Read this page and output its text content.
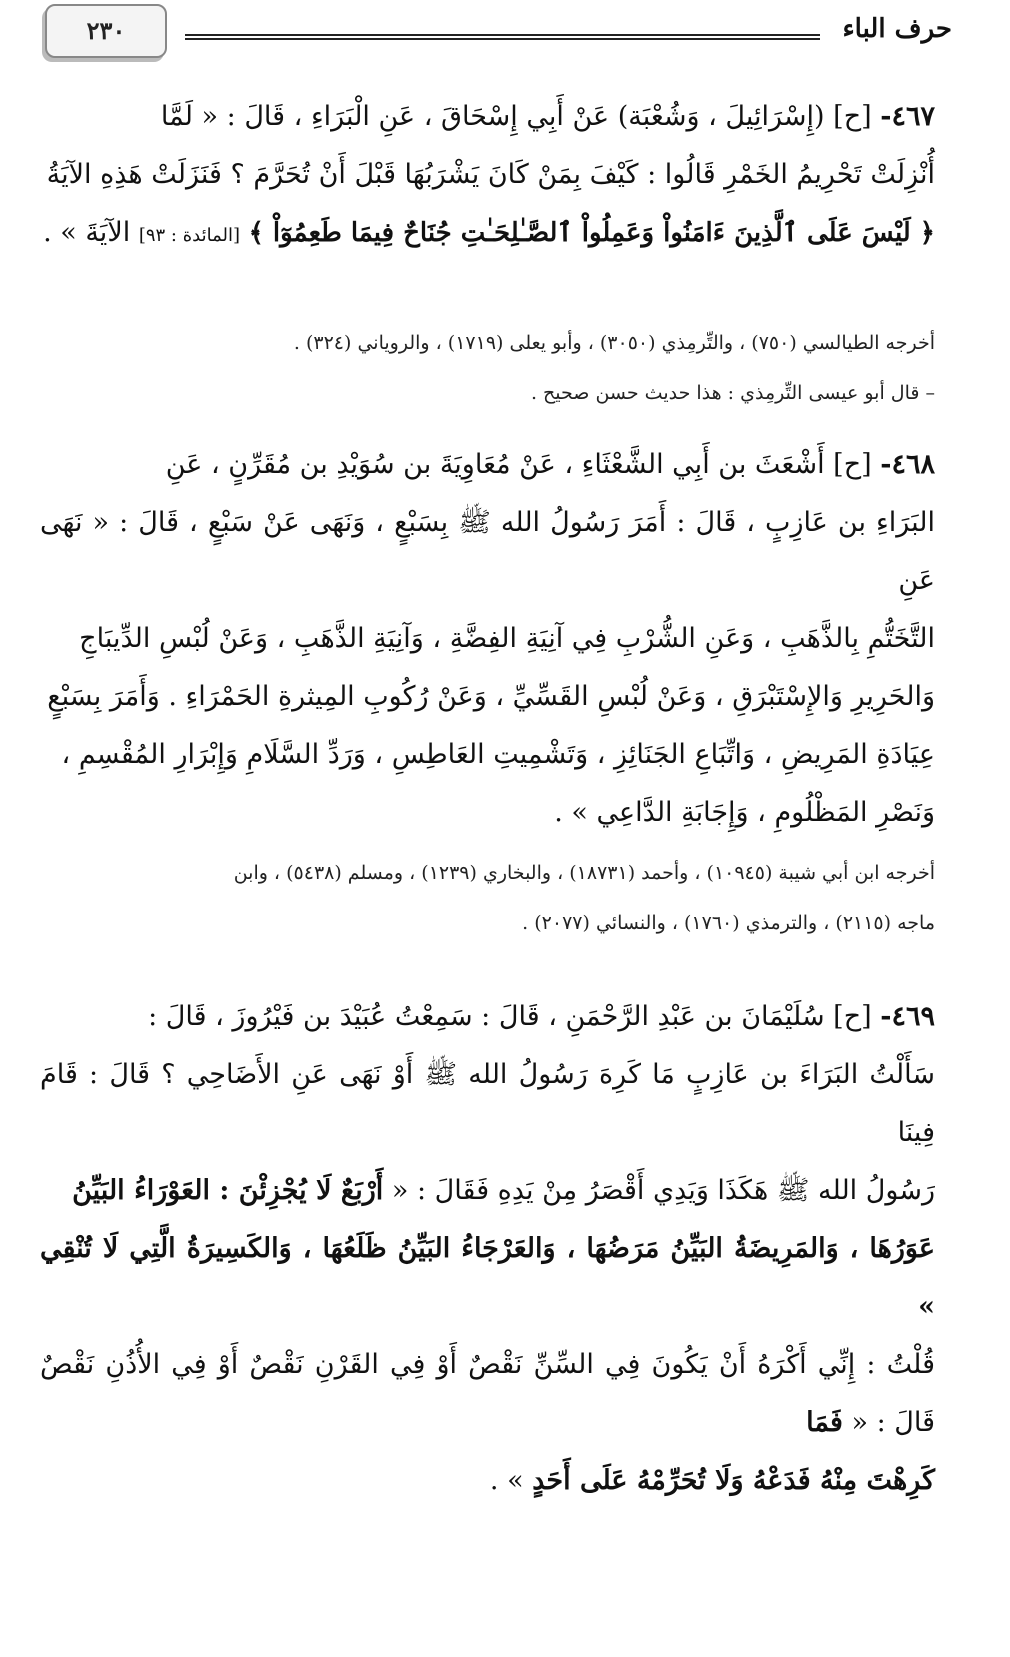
حرف الباء
٢٣٠
٤٦٧- [ح] (إِسْرَائِيلَ ، وَشُعْبَة) عَنْ أَبِي إِسْحَاقَ ، عَنِ الْبَرَاءِ ، قَالَ : « لَمَّا
أُنْزِلَتْ تَحْرِيمُ الخَمْرِ قَالُوا : كَيْفَ بِمَنْ كَانَ يَشْرَبُهَا قَبْلَ أَنْ تُحَرَّمَ ؟ فَنَزَلَتْ هَذِهِ الآيَةُ
﴿ لَيْسَ عَلَى ٱلَّذِينَ ءَامَنُواْ وَعَمِلُواْ ٱلصَّـٰلِحَـٰتِ جُنَاحٌ فِيمَا طَعِمُوٓاْ ﴾ [المائدة : ٩٣] الآيَةَ » .
أخرجه الطيالسي (٧٥٠) ، والتِّرمِذي (٣٠٥٠) ، وأبو يعلى (١٧١٩) ، والروياني (٣٢٤) .
– قال أبو عيسى التِّرمِذي : هذا حديث حسن صحيح .
٤٦٨- [ح] أَشْعَثَ بن أَبِي الشَّعْثَاءِ ، عَنْ مُعَاوِيَةَ بن سُوَيْدِ بن مُقَرِّنٍ ، عَنِ
البَرَاءِ بن عَازِبٍ ، قَالَ : أَمَرَ رَسُولُ الله ﷺ بِسَبْعٍ ، وَنَهَى عَنْ سَبْعٍ ، قَالَ : « نَهَى عَنِ
التَّخَتُّمِ بِالذَّهَبِ ، وَعَنِ الشُّرْبِ فِي آنِيَةِ الفِضَّةِ ، وَآنِيَةِ الذَّهَبِ ، وَعَنْ لُبْسِ الدِّيبَاجِ
وَالحَرِيرِ وَالإِسْتَبْرَقِ ، وَعَنْ لُبْسِ القَسِّيِّ ، وَعَنْ رُكُوبِ المِيثرةِ الحَمْرَاءِ . وَأَمَرَ بِسَبْعٍ
عِيَادَةِ المَرِيضِ ، وَاتِّبَاعِ الجَنَائِزِ ، وَتَشْمِيتِ العَاطِسِ ، وَرَدِّ السَّلَامِ وَإِبْرَارِ المُقْسِمِ ،
وَنَصْرِ المَظْلُومِ ، وَإِجَابَةِ الدَّاعِي » .
أخرجه ابن أبي شيبة (١٠٩٤٥) ، وأحمد (١٨٧٣١) ، والبخاري (١٢٣٩) ، ومسلم (٥٤٣٨) ، وابن
ماجه (٢١١٥) ، والترمذي (١٧٦٠) ، والنسائي (٢٠٧٧) .
٤٦٩- [ح] سُلَيْمَانَ بن عَبْدِ الرَّحْمَنِ ، قَالَ : سَمِعْتُ عُبَيْدَ بن فَيْرُوزَ ، قَالَ :
سَأَلْتُ البَرَاءَ بن عَازِبٍ مَا كَرِهَ رَسُولُ الله ﷺ أَوْ نَهَى عَنِ الأَضَاحِي ؟ قَالَ : قَامَ فِينَا
رَسُولُ الله ﷺ هَكَذَا وَيَدِي أَقْصَرُ مِنْ يَدِهِ فَقَالَ : « أَرْبَعٌ لَا يُجْزِئْنَ : العَوْرَاءُ البَيِّنُ
عَوَرُهَا ، وَالمَرِيضَةُ البَيِّنُ مَرَضُهَا ، وَالعَرْجَاءُ البَيِّنُ ظَلَعُهَا ، وَالكَسِيرَةُ الَّتِي لَا تُنْقِي »
قُلْتُ : إِنِّي أَكْرَهُ أَنْ يَكُونَ فِي السِّنِّ نَقْصٌ أَوْ فِي القَرْنِ نَقْصٌ أَوْ فِي الأُذُنِ نَقْصٌ قَالَ : « فَمَا
كَرِهْتَ مِنْهُ فَدَعْهُ وَلَا تُحَرِّمْهُ عَلَى أَحَدٍ » .
